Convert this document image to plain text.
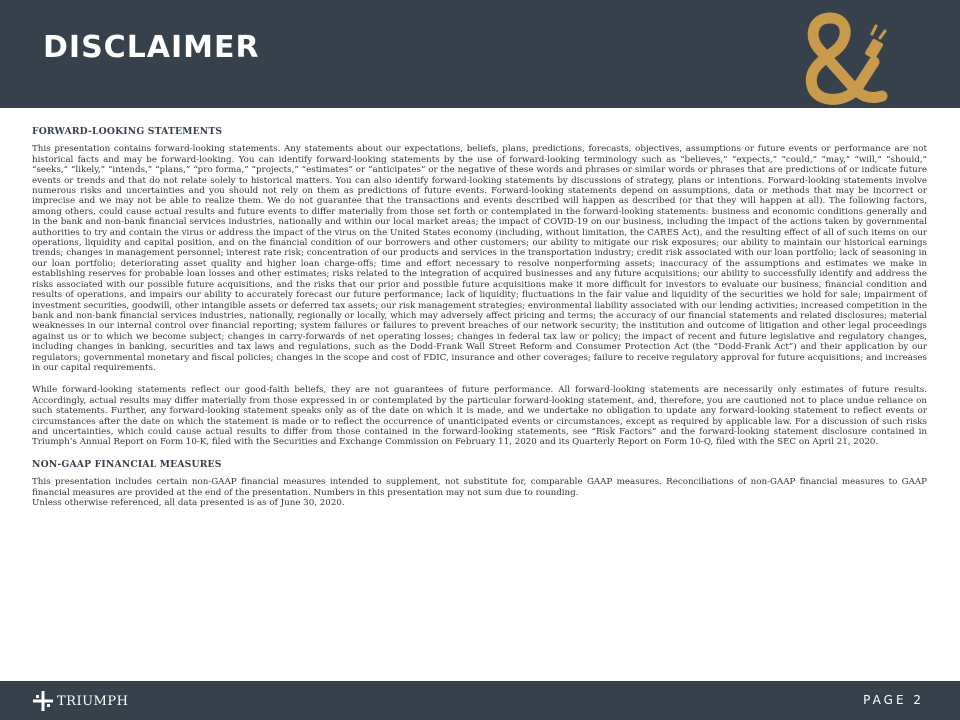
DISCLAIMER
FORWARD-LOOKING STATEMENTS

This presentation contains forward-looking statements. Any statements about our expectations, beliefs, plans, predictions, forecasts, objectives, assumptions or future events or performance are not historical facts and may be forward-looking. You can identify forward-looking statements by the use of forward-looking terminology such as “believes,” “expects,” “could,” “may,” “will,” “should,” “seeks,” “likely,” “intends,” “plans,” “pro forma,” “projects,” “estimates” or “anticipates” or the negative of these words and phrases or similar words or phrases that are predictions of or indicate future events or trends and that do not relate solely to historical matters. You can also identify forward-looking statements by discussions of strategy, plans or intentions. Forward-looking statements involve numerous risks and uncertainties and you should not rely on them as predictions of future events. Forward-looking statements depend on assumptions, data or methods that may be incorrect or imprecise and we may not be able to realize them. We do not guarantee that the transactions and events described will happen as described (or that they will happen at all). The following factors, among others, could cause actual results and future events to differ materially from those set forth or contemplated in the forward-looking statements: business and economic conditions generally and in the bank and non-bank financial services industries, nationally and within our local market areas; the impact of COVID-19 on our business, including the impact of the actions taken by governmental authorities to try and contain the virus or address the impact of the virus on the United States economy (including, without limitation, the CARES Act), and the resulting effect of all of such items on our operations, liquidity and capital position, and on the financial condition of our borrowers and other customers; our ability to mitigate our risk exposures; our ability to maintain our historical earnings trends; changes in management personnel; interest rate risk; concentration of our products and services in the transportation industry; credit risk associated with our loan portfolio; lack of seasoning in our loan portfolio; deteriorating asset quality and higher loan charge-offs; time and effort necessary to resolve nonperforming assets; inaccuracy of the assumptions and estimates we make in establishing reserves for probable loan losses and other estimates; risks related to the integration of acquired businesses and any future acquisitions; our ability to successfully identify and address the risks associated with our possible future acquisitions, and the risks that our prior and possible future acquisitions make it more difficult for investors to evaluate our business, financial condition and results of operations, and impairs our ability to accurately forecast our future performance; lack of liquidity; fluctuations in the fair value and liquidity of the securities we hold for sale; impairment of investment securities, goodwill, other intangible assets or deferred tax assets; our risk management strategies; environmental liability associated with our lending activities; increased competition in the bank and non-bank financial services industries, nationally, regionally or locally, which may adversely affect pricing and terms; the accuracy of our financial statements and related disclosures; material weaknesses in our internal control over financial reporting; system failures or failures to prevent breaches of our network security; the institution and outcome of litigation and other legal proceedings against us or to which we become subject; changes in carry-forwards of net operating losses; changes in federal tax law or policy; the impact of recent and future legislative and regulatory changes, including changes in banking, securities and tax laws and regulations, such as the Dodd-Frank Wall Street Reform and Consumer Protection Act (the “Dodd-Frank Act”) and their application by our regulators; governmental monetary and fiscal policies; changes in the scope and cost of FDIC, insurance and other coverages; failure to receive regulatory approval for future acquisitions; and increases in our capital requirements.

While forward-looking statements reflect our good-faith beliefs, they are not guarantees of future performance. All forward-looking statements are necessarily only estimates of future results. Accordingly, actual results may differ materially from those expressed in or contemplated by the particular forward-looking statement, and, therefore, you are cautioned not to place undue reliance on such statements. Further, any forward-looking statement speaks only as of the date on which it is made, and we undertake no obligation to update any forward-looking statement to reflect events or circumstances after the date on which the statement is made or to reflect the occurrence of unanticipated events or circumstances, except as required by applicable law. For a discussion of such risks and uncertainties, which could cause actual results to differ from those contained in the forward-looking statements, see “Risk Factors” and the forward-looking statement disclosure contained in Triumph’s Annual Report on Form 10-K, filed with the Securities and Exchange Commission on February 11, 2020 and its Quarterly Report on Form 10-Q, filed with the SEC on April 21, 2020.

NON-GAAP FINANCIAL MEASURES

This presentation includes certain non-GAAP financial measures intended to supplement, not substitute for, comparable GAAP measures. Reconciliations of non-GAAP financial measures to GAAP financial measures are provided at the end of the presentation. Numbers in this presentation may not sum due to rounding.

Unless otherwise referenced, all data presented is as of June 30, 2020.

TRIUMPH	PAGE 2
